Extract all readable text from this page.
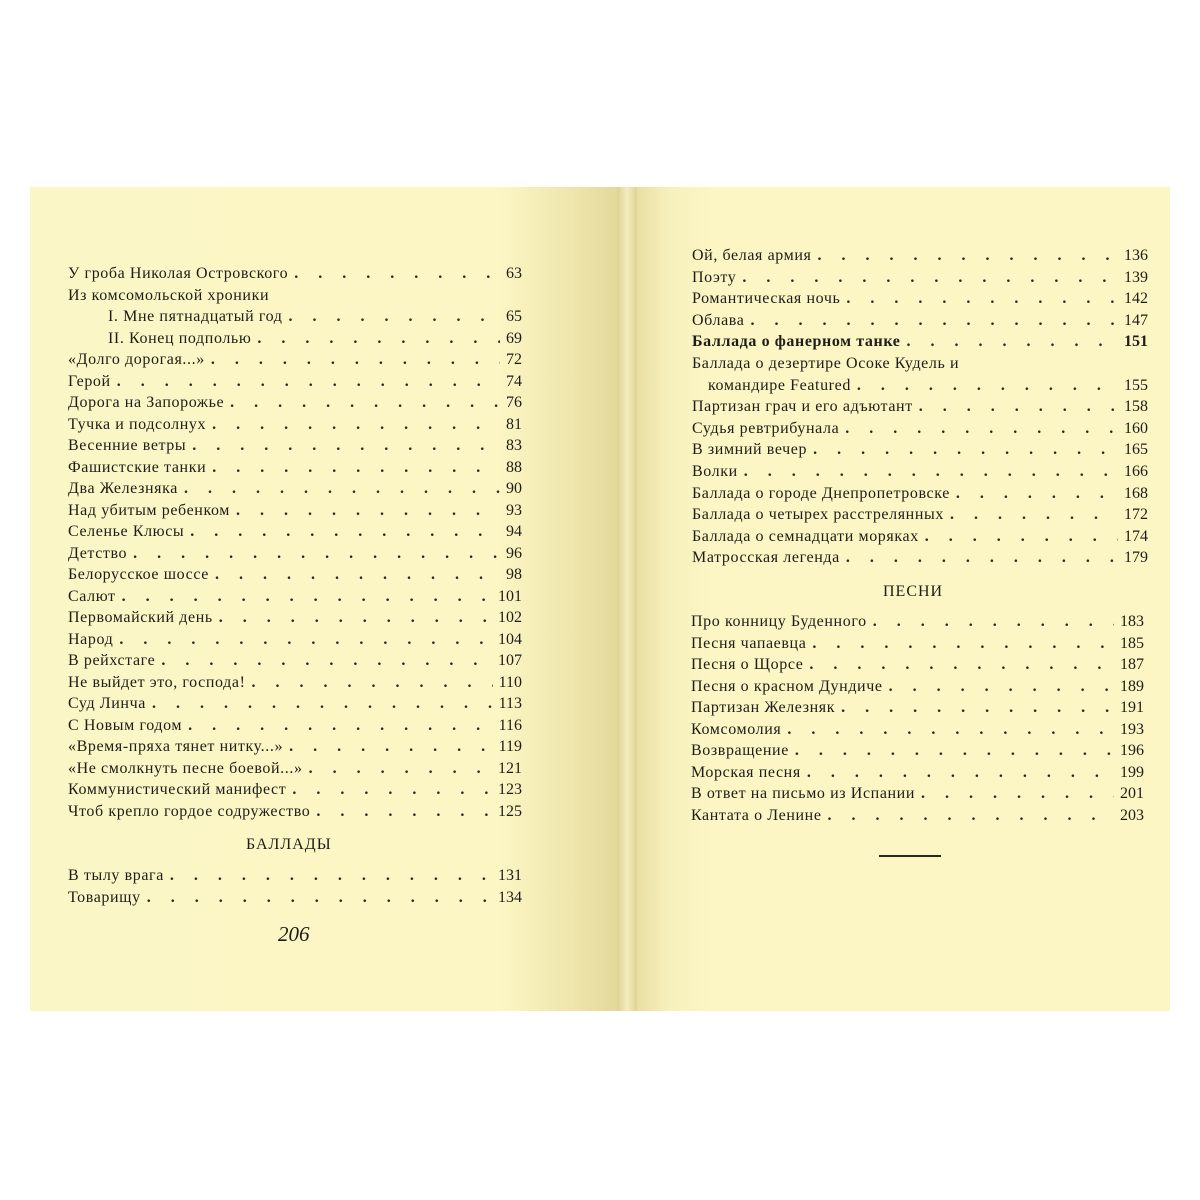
У гроба Николая Островского . . .	63
Из комсомольской хроники
I. Мне пятнадцатый год . . .	65
II. Конец подполью . . .	69
«Долго дорогая...» . . .	72
Герой . . .	74
Дорога на Запорожье . . .	76
Тучка и подсолнух . . .	81
Весенние ветры . . .	83
Фашистские танки . . .	88
Два Железняка . . .	90
Над убитым ребенком . . .	93
Селенье Клюсы . . .	94
Детство . . .	96
Белорусское шоссе . . .	98
Салют . . .	101
Первомайский день . . .	102
Народ . . .	104
В рейхстаге . . .	107
Не выйдет это, господа! . . .	110
Суд Линча . . .	113
С Новым годом . . .	116
«Время-пряха тянет нитку...» . . .	119
«Не смолкнуть песне боевой...» . . .	121
Коммунистический манифест . . .	123
Чтоб крепло гордое содружество . . .	125
БАЛЛАДЫ
В тылу врага . . .	131
Товарищу . . .	134
206
Ой, белая армия . . .	136
Поэту . . .	139
Романтическая ночь . . .	142
Облава . . .	147
Баллада о фанерном танке . . .	151
Баллада о дезертире Осоке Кудель и
командире Featured . . .	155
Партизан грач и его адъютант . . .	158
Судья ревтрибунала . . .	160
В зимний вечер . . .	165
Волки . . .	166
Баллада о городе Днепропетровске . . .	168
Баллада о четырех расстрелянных . . .	172
Баллада о семнадцати моряках . . .	174
Матросская легенда . . .	179
ПЕСНИ
Про конницу Буденного . . .	183
Песня чапаевца . . .	185
Песня о Щорсе . . .	187
Песня о красном Дундиче . . .	189
Партизан Железняк . . .	191
Комсомолия . . .	193
Возвращение . . .	196
Морская песня . . .	199
В ответ на письмо из Испании . . .	201
Кантата о Ленине . . .	203
